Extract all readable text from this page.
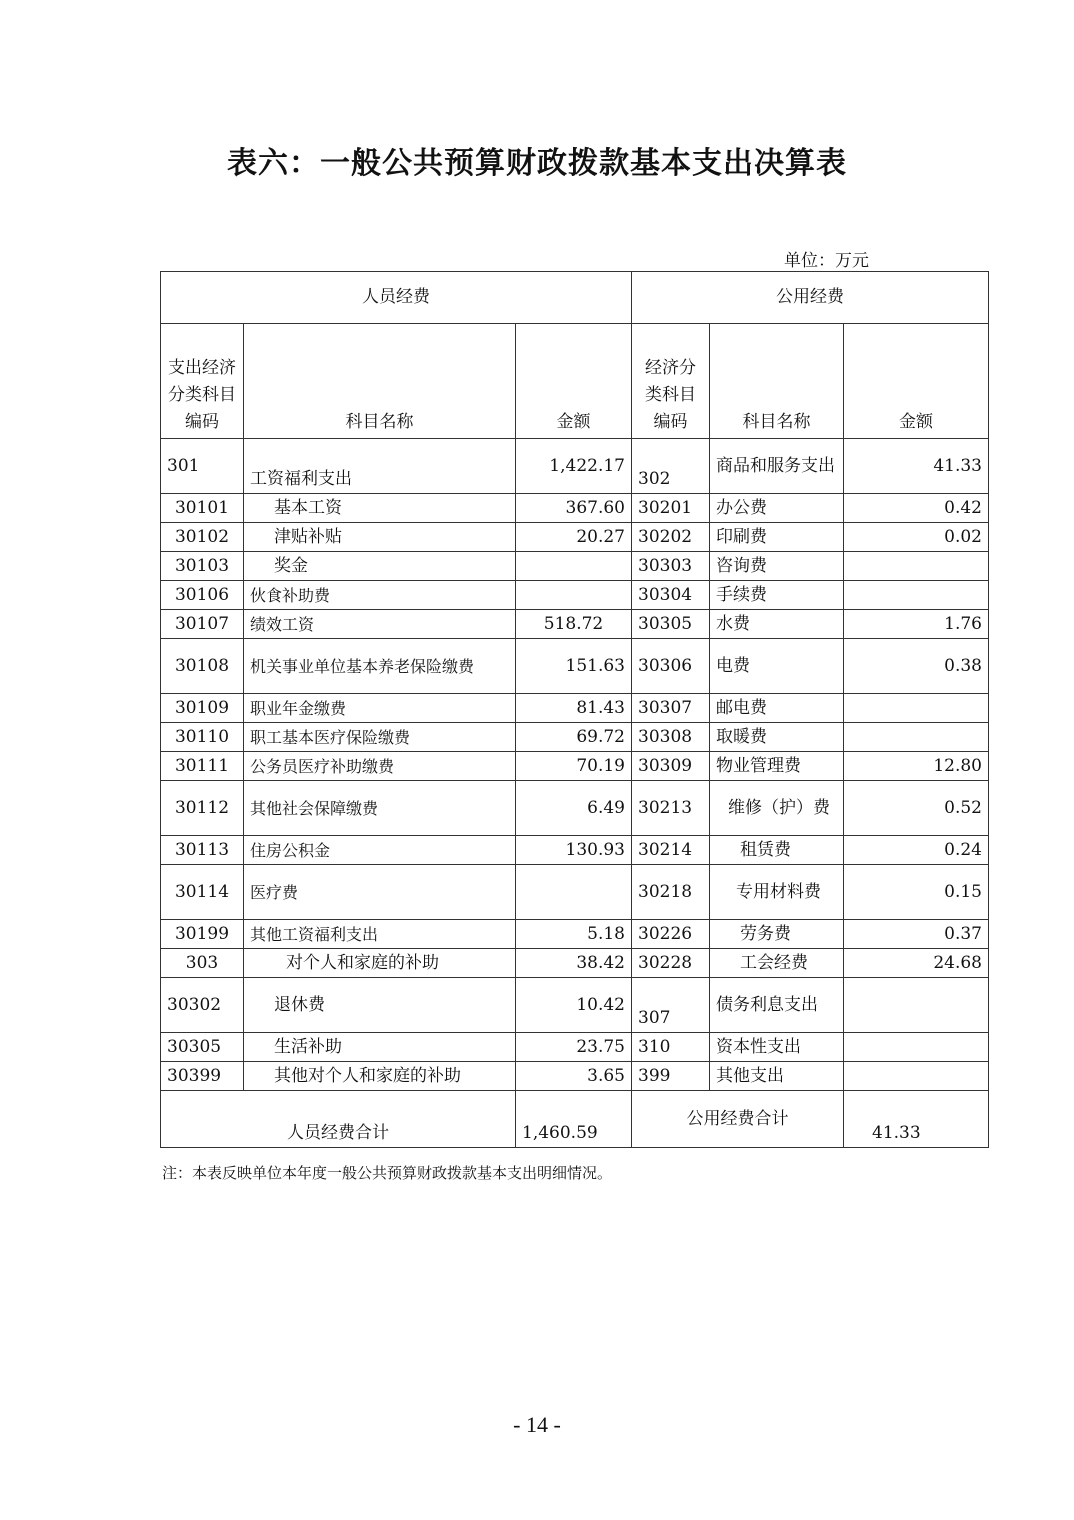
表六：一般公共预算财政拨款基本支出决算表
单位：万元
人员经费			公用经费		
支出经济分类科目编码	科目名称	金额	经济分类科目编码	科目名称	金额
301	工资福利支出	1,422.17	302	商品和服务支出	41.33
30101	基本工资	367.60	30201	办公费	0.42
30102	津贴补贴	20.27	30202	印刷费	0.02
30103	奖金		30303	咨询费	
30106	伙食补助费		30304	手续费	
30107	绩效工资	518.72	30305	水费	1.76
30108	机关事业单位基本养老保险缴费	151.63	30306	电费	0.38
30109	职业年金缴费	81.43	30307	邮电费	
30110	职工基本医疗保险缴费	69.72	30308	取暖费	
30111	公务员医疗补助缴费	70.19	30309	物业管理费	12.80
30112	其他社会保障缴费	6.49	30213	维修（护）费	0.52
30113	住房公积金	130.93	30214	租赁费	0.24
30114	医疗费		30218	专用材料费	0.15
30199	其他工资福利支出	5.18	30226	劳务费	0.37
303	对个人和家庭的补助	38.42	30228	工会经费	24.68
30302	退休费	10.42	307	债务利息支出	
30305	生活补助	23.75	310	资本性支出	
30399	其他对个人和家庭的补助	3.65	399	其他支出	
人员经费合计		1,460.59	公用经费合计		41.33
注：本表反映单位本年度一般公共预算财政拨款基本支出明细情况。
- 14 -
